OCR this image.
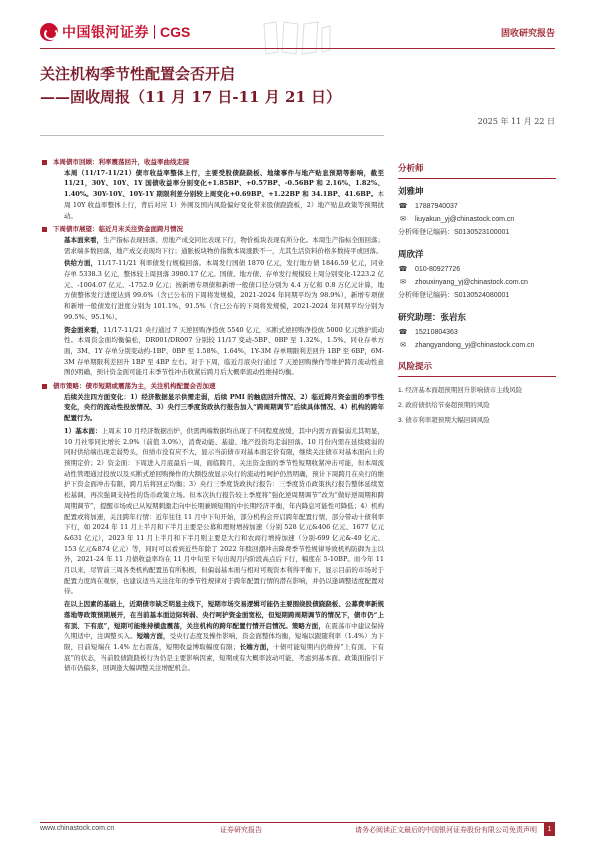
中国银河证券 CGS	固收研究报告
关注机构季节性配置会否开启
——固收周报（11 月 17 日-11 月 21 日）
2025 年 11 月 22 日
本周债市回顾：利率震荡回升，收益率曲线走陡
本周（11/17-11/21）债市收益率整体上行，主要受股债跷跷板、地缘事件与地产贴息预期等影响，截至 11/21，30Y、10Y、1Y 国债收益率分别变化+1.85BP、+0.57BP、-0.56BP 和 2.16%、1.82%、1.40%。30Y-10Y、10Y-1Y 期限利差分别较上周变化+0.69BP、+1.22BP 和 34.1BP、41.6BP。本周 10Y 收益率整体上行，背后对应 1）外围及国内风险偏好变化带来股债跷跷板，2）地产贴息政策等预期扰动。
下周债市展望：临近月末关注资金面跨月情况
基本面来看，生产指标表现回落、房地产成交同比表现下行，物价板块表现有所分化。本周生产指标全面回落；需求端多数回落，地产成交表现均下行；通胀板块物价指数本周涨跌不一，尤其生活资料价格多数持平或回落。
供给方面，11/17-11/21 利率债发行规模回落。本周发行国债 1870 亿元，发行地方债 1846.59 亿元，同业存单 5338.3 亿元，整体较上周回落 3980.17 亿元。国债、地方债、存单发行规模较上周分别变化-1223.2 亿元、-1004.07 亿元、-1752.9 亿元；按新增专项债和新增一般债口径分别为 4.4 万亿和 0.8 万亿元计算，地方债整体发行进度达到 99.6%（含已公布的下周将发规模，2021-2024 年同期平均为 98.9%），新增专项债和新增一般债发行进度分别为 101.1%、91.5%（含已公布的下周将发规模，2021-2024 年同期平均分别为 99.5%、95.1%）。
资金面来看，11/17-11/21 央行通过 7 天逆回购净投放 5540 亿元，买断式逆回购净投放 5000 亿元维护流动性。本周资金面均衡偏松，DR001/DR007 分别较 11/17 变动-5BP、0BP 至 1.32%、1.5%。同业存单方面，3M、1Y 存单分别变动约-1BP、0BP 至 1.58%、1.64%，1Y-3M 存单期限利差回升 1BP 至 6BP，6M-3M 存单期限利差回升 1BP 至 4BP 左右。对于下周，临近月底央行通过 7 天逆回购操作等维护跨月流动性意图仍明确，预计资金面可能月末季节性冲击收紧后跨月后大概率流动性维持均衡。
债市策略：债市短期或震荡为主，关注机构配置会否加速
后续关注四方面变化：1）经济数据显示供需走弱，后续 PMI 的触底回升情况、2）临近跨月资金面的季节性变化，央行的流动性投放情况、3）央行三季度货政执行报告加入“跨周期调节”后续具体情况、4）机构的跨年配置行为。
1）基本面：上周末 10 月经济数据出炉，供需两端数据均出现了不同程度放缓，其中内需方面偏弱尤其明显，10 月社零同比增长 2.9%（前值 3.0%），消费动能、基建、地产投资均走弱回落。10 月份内需在延续疲弱的同时供给端出现走弱势头，但绩市没有应不大，显示当前债市对基本面定价有限，继续关注债市对基本面向上的预期定价；2）资金面：下周进入月底最后一周，面临跨月，关注资金面的季节性短期收紧冲击可能，但本周流动性管理通过投放以及买断式逆回购操作的大额投放显示央行的流动性呵护仍然明确，预计下周跨月在央行的维护下资金面冲击有限，跨月后将回正均衡；3）央行三季度货政执行报告：三季度货币政策执行报告整体延续宽松基调，再次强调支持性的货币政策立场。但本次执行报告较上季度将“强化逆周期调节”改为“做好逆周期和跨周期调节”，提醒市场或已从短期刺激走向中长期兼顾短期的中长期经济平衡，年内降息可能性可降低；4）机构配置或将加速，关注跨年行情：近年往往 11 月中下旬开始，部分机构会开启跨年配置行情，部分带动十债利率下行，如 2024 年 11 月上半月和下半月主要是公募和理财增持加速（分别 528 亿元&406 亿元、1677 亿元&631 亿元），2023 年 11 月上半月和下半月则主要是大行和农商行增持加速（分别-699 亿元&-49 亿元、153 亿元&874 亿元）等，同时可以看到近些年除了 2022 年赎回潮冲击降费季节性规律导致机构防御为主以外，2021-24 年 11 月债收益率均在 11 月中旬至下旬出现月内阶段高点后下行，幅度在 5-10BP。而今年 11 月以来，尽管前三周各类机构配置虽有所积极，但偏弱基本面与相对可观资本利得平衡下，显示目前的市场对于配置力度尚在观察，也建议适当关注往年的季节性规律对于跨年配置行情的潜在影响，并仍以逢调整适度配置对待。
在以上因素的基础上，近期债市缺乏明显主线下，短期市场交易逻辑可能仍主要围绕股债跷跷板、公募费率新规落地等政策预期展开，在当前基本面边际转弱、央行呵护资金面宽松，但短期跨周期调节的情况下，债市仍“上有顶、下有底”，短期可能维持横盘震荡，关注机构的跨年配置行情开启情况。策略方面，在震荡市中建议保持久期适中，注调整买入。短端方面，受央行态度及操作影响，资金面整体均衡，短端以跟随利率（1.4%）为下限，目前短端在 1.4% 左右震荡，短期收益博取幅度有限；长端方面，十债可能短期内仍维持“上有顶、下有底”的状态，当前股债跷跷板行为仍是主要影响因素，短期或有大概率波动可能，考虑到基本面、政策面指引下债市仍偏多，回调逢大幅调整关注增配机会。
分析师
刘雅坤
☎ 17887940037
✉ liuyakun_yj@chinastock.com.cn
分析师登记编码：S0130523100001
周欣洋
☎ 010-80927726
✉ zhouxinyang_yj@chinastock.com.cn
分析师登记编码：S0130524080001
研究助理：张岩东
☎ 15210804363
✉ zhangyandong_yj@chinastock.com.cn
风险提示
1. 经济基本面超预期回升影响债市主线风险
2. 政府债供给节奏超预期的风险
3. 债市利率超预期大幅回调风险
www.chinastock.com.cn	证券研究报告	请务必阅读正文最后的中国银河证券股份有限公司免责声明	1
